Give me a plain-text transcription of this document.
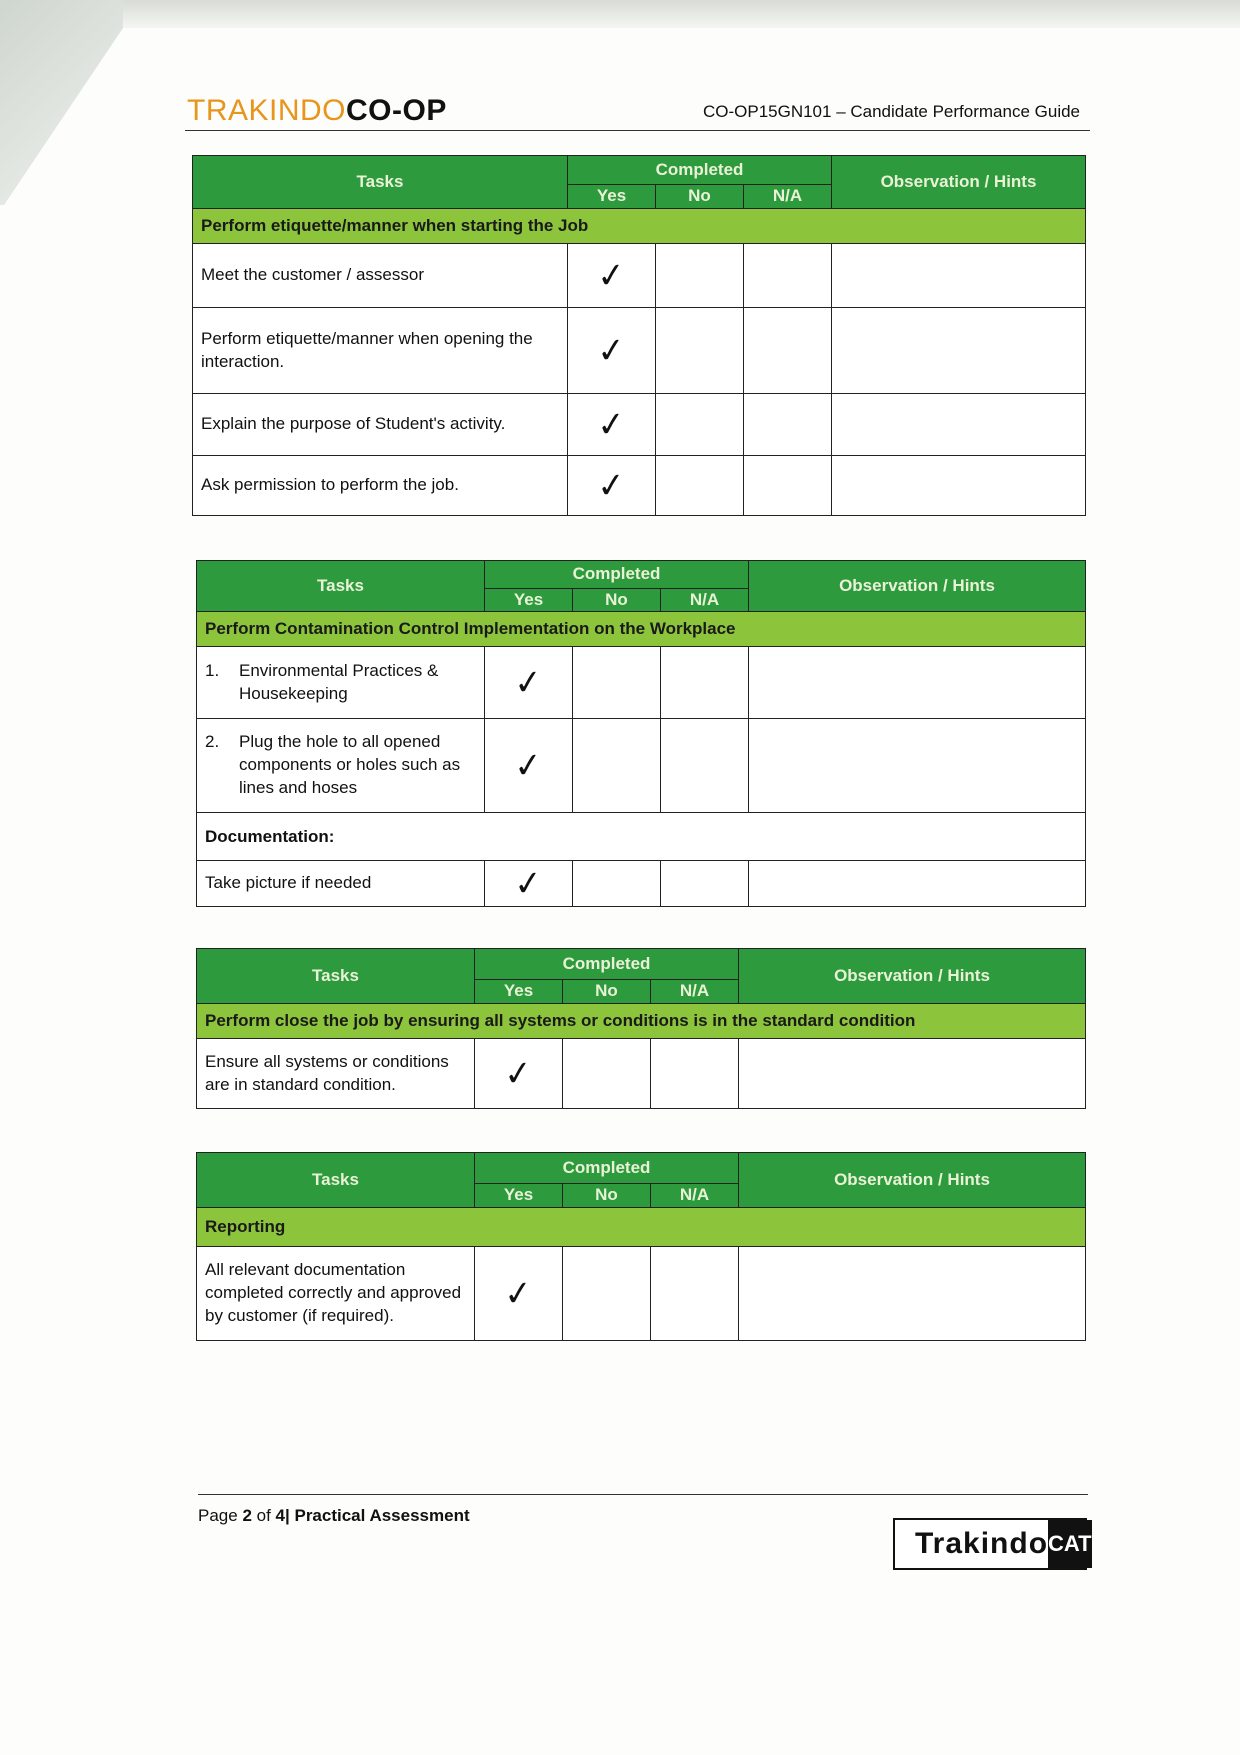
TRAKINDOCO-OP	CO-OP15GN101 – Candidate Performance Guide
Tasks	Completed			Observation / Hints
	Yes	No	N/A	
Perform etiquette/manner when starting the Job				
Meet the customer / assessor	✓			
Perform etiquette/manner when opening the interaction.	✓			
Explain the purpose of Student's activity.	✓			
Ask permission to perform the job.	✓			
Tasks	Completed			Observation / Hints
	Yes	No	N/A	
Perform Contamination Control Implementation on the Workplace				

1. Environmental Practices & Housekeeping	✓			

2. Plug the hole to all opened components or holes such as lines and hoses	✓			
Documentation:				
Take picture if needed	✓			
Tasks	Completed			Observation / Hints
	Yes	No	N/A	
Perform close the job by ensuring all systems or conditions is in the standard condition				
Ensure all systems or conditions are in standard condition.	✓			
Tasks	Completed			Observation / Hints
	Yes	No	N/A	
Reporting				
All relevant documentation completed correctly and approved by customer (if required).	✓			
Page 2 of 4| Practical Assessment
Trakindo CAT
